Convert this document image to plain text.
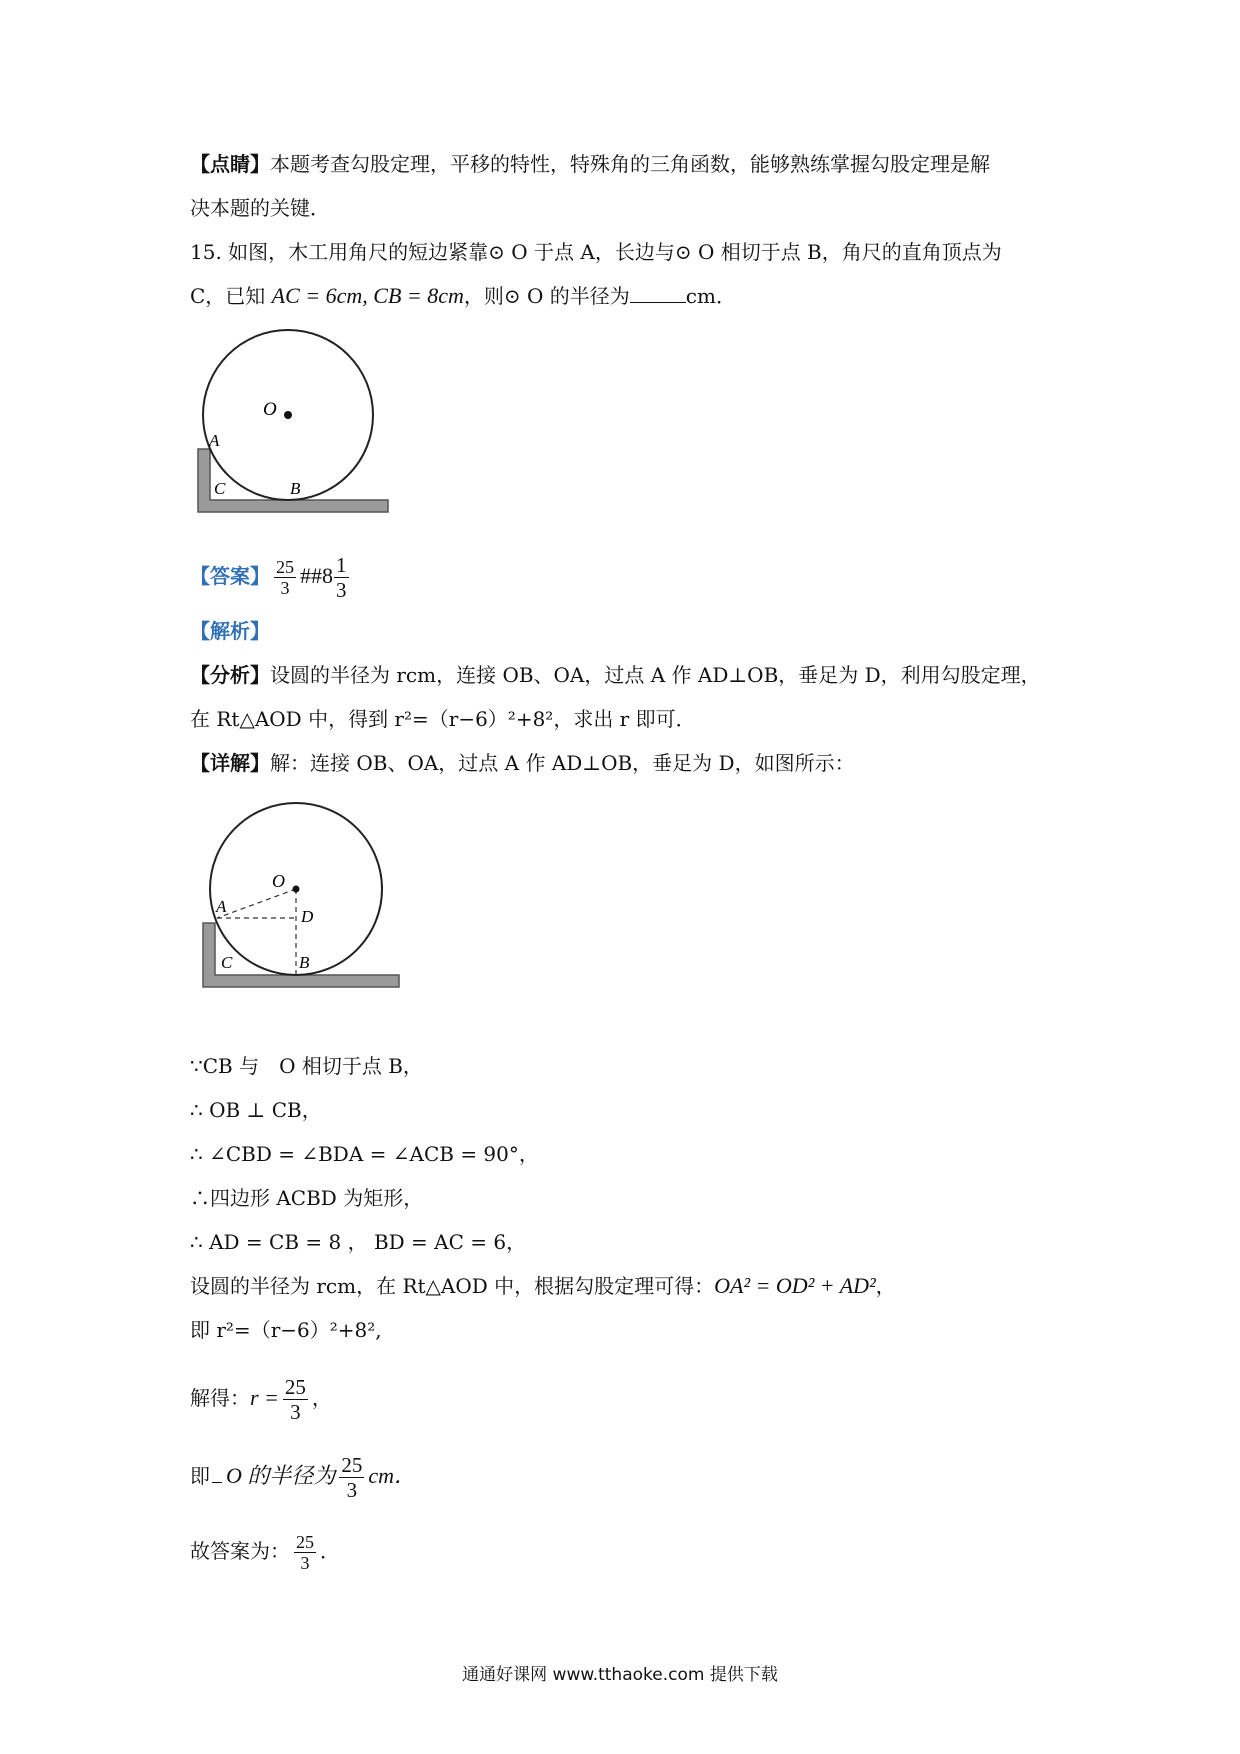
【点睛】本题考查勾股定理，平移的特性，特殊角的三角函数，能够熟练掌握勾股定理是解
决本题的关键．
15. 如图，木工用角尺的短边紧靠⊙ O 于点 A，长边与⊙ O 相切于点 B，角尺的直角顶点为
C，已知 AC = 6cm, CB = 8cm，则⊙ O 的半径为	cm．
O
A
C	B
【答案】 $\frac{25}{3}$ ##8 $\frac{1}{3}$
【解析】
【分析】设圆的半径为 rcm，连接 OB、OA，过点 A 作 AD⊥OB，垂足为 D，利用勾股定理，
在 Rt△AOD 中，得到 r²=（r−6）²+8²，求出 r 即可．
【详解】解：连接 OB、OA，过点 A 作 AD⊥OB，垂足为 D，如图所示：
O
A
D
C	B
∵CB 与　O 相切于点 B，
∴ OB ⊥ CB，
∴ ∠CBD = ∠BDA = ∠ACB = 90°，
∴四边形 ACBD 为矩形，
∴ AD = CB = 8 ， BD = AC = 6，
设圆的半径为 rcm，在 Rt△AOD 中，根据勾股定理可得：OA² = OD² + AD²，
即 r²=（r−6）²+8²,
解得：$r = \frac{25}{3}$ ，
即 O 的半径为 $\frac{25}{3}$ cm．
故答案为： $\frac{25}{3}$ ．
通通好课网 www.tthaoke.com 提供下载
